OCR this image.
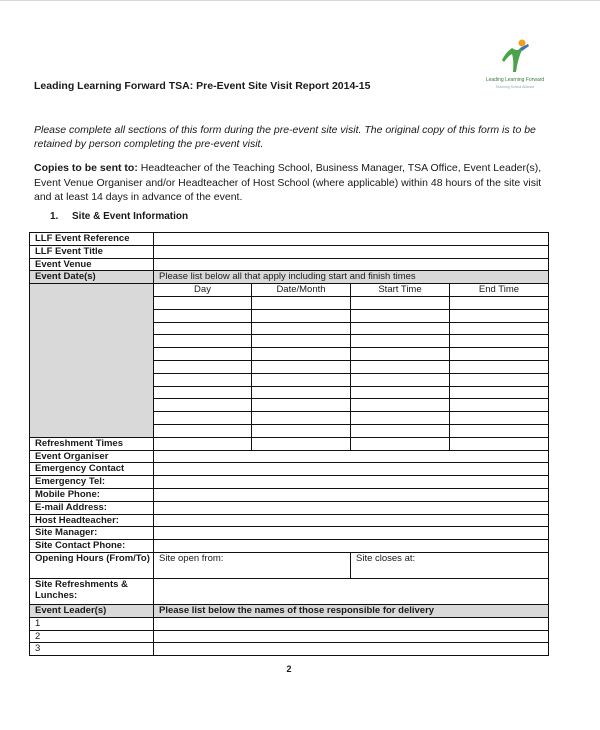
Leading Learning Forward
Teaching School Alliance
Leading Learning Forward TSA: Pre-Event Site Visit Report 2014-15
Please complete all sections of this form during the pre-event site visit. The original copy of this form is to be retained by person completing the pre-event visit.
Copies to be sent to: Headteacher of the Teaching School, Business Manager, TSA Office, Event Leader(s), Event Venue Organiser and/or Headteacher of Host School (where applicable) within 48 hours of the site visit and at least 14 days in advance of the event.
1. Site & Event Information
LLF Event Reference				
LLF Event Title				
Event Venue				
Event Date(s)	Please list below all that apply including start and finish times			
	Day	Date/Month	Start Time	End Time

Refreshment Times				
Event Organiser				
Emergency Contact				
Emergency Tel:				
Mobile Phone:				
E-mail Address:				
Host Headteacher:				
Site Manager:				
Site Contact Phone:				
Opening Hours (From/To)	Site open from:		Site closes at:	
Site Refreshments & Lunches:				
Event Leader(s)	Please list below the names of those responsible for delivery			
1				
2				
3				
2
